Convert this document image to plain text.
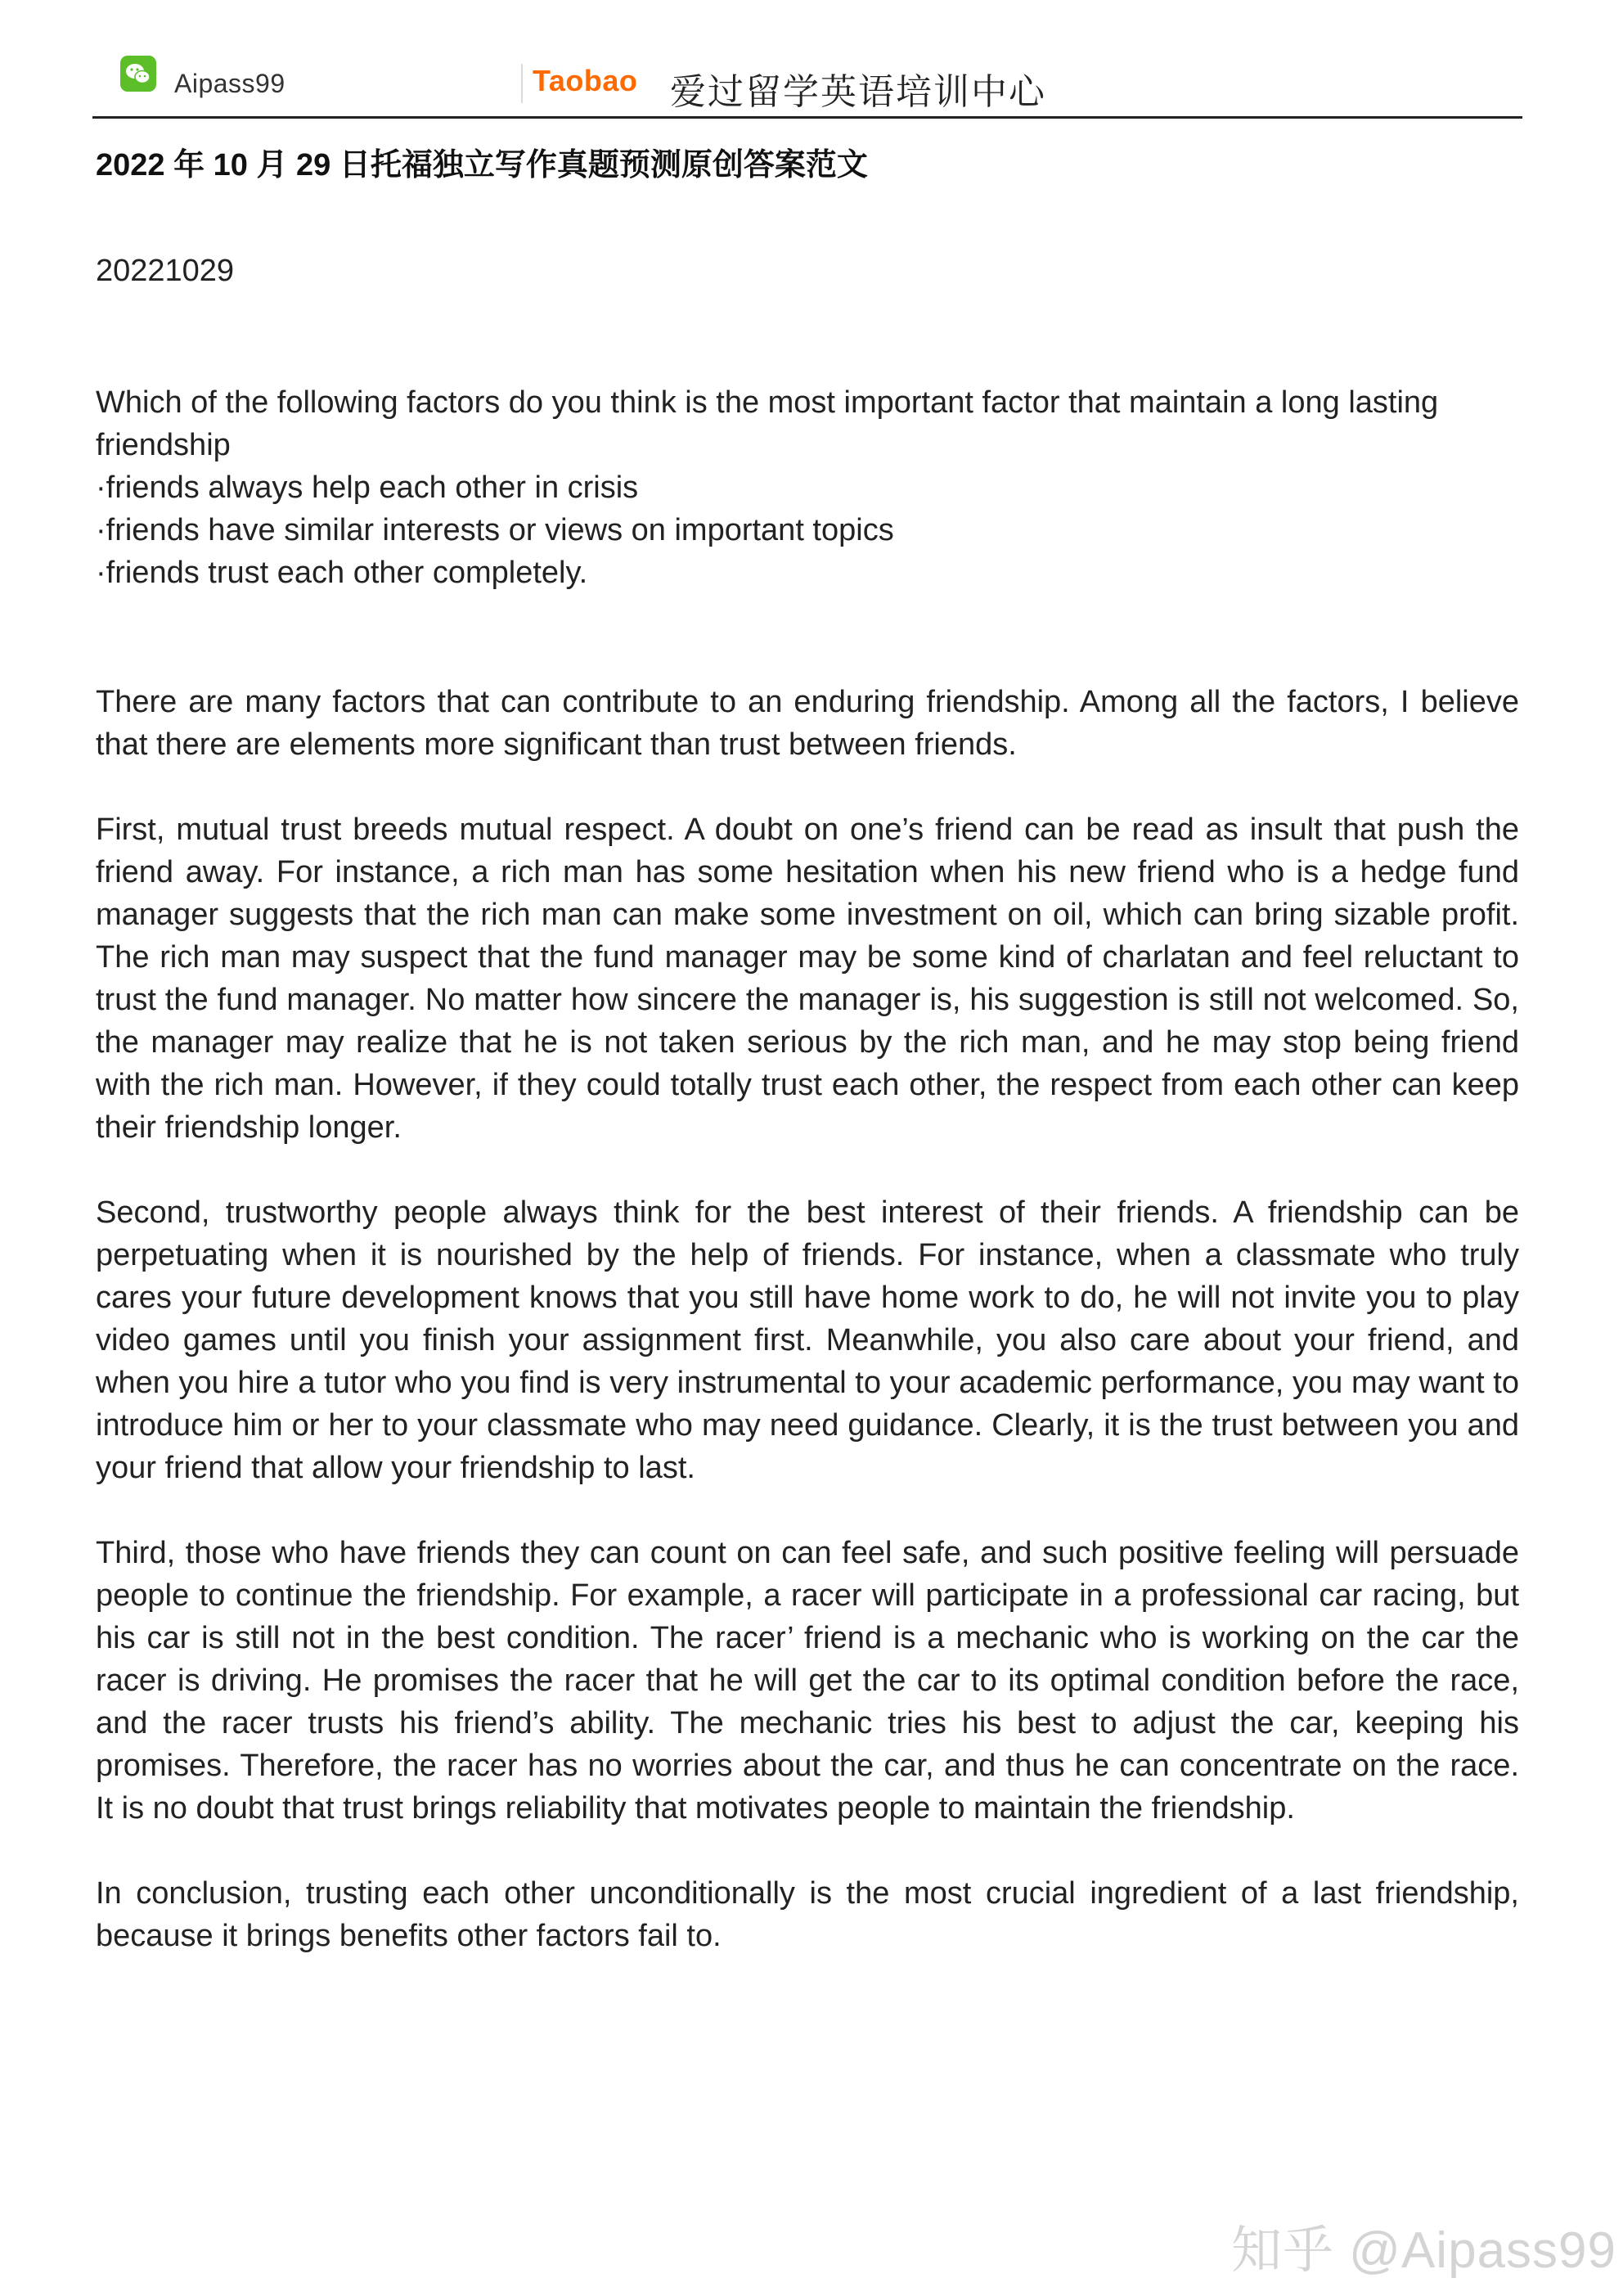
Aipass99	Taobao 爱过留学英语培训中心
2022 年 10 月 29 日托福独立写作真题预测原创答案范文
20221029
Which of the following factors do you think is the most important factor that maintain a long lasting friendship
·friends always help each other in crisis
·friends have similar interests or views on important topics
·friends trust each other completely.

There are many factors that can contribute to an enduring friendship. Among all the factors, I believe that there are elements more significant than trust between friends.

First, mutual trust breeds mutual respect. A doubt on one’s friend can be read as insult that push the friend away. For instance, a rich man has some hesitation when his new friend who is a hedge fund manager suggests that the rich man can make some investment on oil, which can bring sizable profit. The rich man may suspect that the fund manager may be some kind of charlatan and feel reluctant to trust the fund manager. No matter how sincere the manager is, his suggestion is still not welcomed. So, the manager may realize that he is not taken serious by the rich man, and he may stop being friend with the rich man. However, if they could totally trust each other, the respect from each other can keep their friendship longer.

Second, trustworthy people always think for the best interest of their friends. A friendship can be perpetuating when it is nourished by the help of friends. For instance, when a classmate who truly cares your future development knows that you still have home work to do, he will not invite you to play video games until you finish your assignment first. Meanwhile, you also care about your friend, and when you hire a tutor who you find is very instrumental to your academic performance, you may want to introduce him or her to your classmate who may need guidance. Clearly, it is the trust between you and your friend that allow your friendship to last.

Third, those who have friends they can count on can feel safe, and such positive feeling will persuade people to continue the friendship. For example, a racer will participate in a professional car racing, but his car is still not in the best condition. The racer’ friend is a mechanic who is working on the car the racer is driving. He promises the racer that he will get the car to its optimal condition before the race, and the racer trusts his friend’s ability. The mechanic tries his best to adjust the car, keeping his promises. Therefore, the racer has no worries about the car, and thus he can concentrate on the race. It is no doubt that trust brings reliability that motivates people to maintain the friendship.

In conclusion, trusting each other unconditionally is the most crucial ingredient of a last friendship, because it brings benefits other factors fail to.

知乎 @Aipass99
